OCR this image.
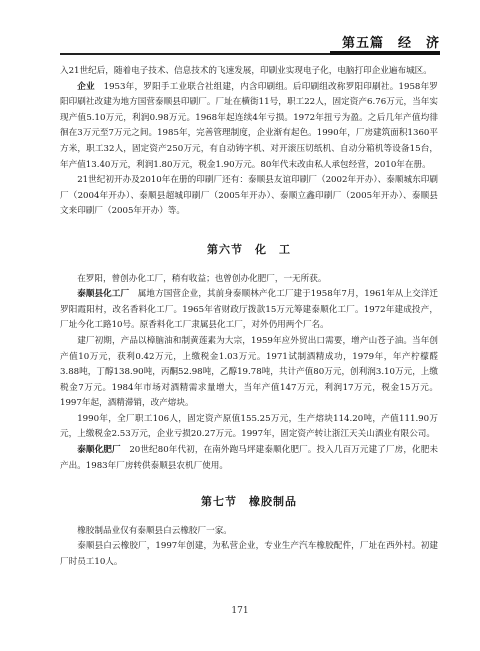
第五篇　经　济

入21世纪后，随着电子技术、信息技术的飞速发展，印刷业实现电子化，电脑打印企业遍布城区。

企业　1953年，罗阳手工业联合社组建，内含印刷组。后印刷组改称罗阳印刷社。1958年罗阳印刷社改建为地方国营泰顺县印刷厂。厂址在横街11号，职工22人，固定资产6.76万元，当年实现产值5.10万元，利润0.98万元。1968年起连续4年亏损。1972年扭亏为盈。之后几年产值均徘徊在3万元至7万元之间。1985年，完善管理制度，企业渐有起色。1990年，厂房建筑面积1360平方米，职工32人，固定资产250万元，有自动铸字机、对开滚压切纸机、自动分箱机等设备15台，年产值13.40万元，利润1.80万元，税金1.90万元。80年代末改由私人承包经营，2010年在册。

21世纪初开办及2010年在册的印刷厂还有：泰顺县友谊印刷厂（2002年开办）、泰顺城东印刷厂（2004年开办）、泰顺县超城印刷厂（2005年开办）、泰顺立鑫印刷厂（2005年开办）、泰顺县文来印刷厂（2005年开办）等。

第六节　化　工

在罗阳，曾创办化工厂，稍有收益；也曾创办化肥厂，一无所获。

泰顺县化工厂　属地方国营企业，其前身泰顺林产化工厂建于1958年7月，1961年从上交洋迁罗阳霞阳村，改名香料化工厂。1965年省财政厅拨款15万元筹建泰顺化工厂。1972年建成投产，厂址今化工路10号。原香料化工厂隶属县化工厂，对外仍用两个厂名。

建厂初期，产品以樟脑油和制黄莲素为大宗，1959年应外贸出口需要，增产山苍子油。当年创产值10万元，获利0.42万元，上缴税金1.03万元。1971试制酒精成功，1979年，年产柠檬醛3.88吨，丁醇138.90吨，丙酮52.98吨，乙醇19.78吨，共计产值80万元，创利润3.10万元，上缴税金7万元。1984年市场对酒精需求量增大，当年产值147万元，利润17万元，税金15万元。1997年起，酒精滞销，改产熔块。

1990年，全厂职工106人，固定资产原值155.25万元，生产熔块114.20吨，产值111.90万元，上缴税金2.53万元，企业亏损20.27万元。1997年，固定资产转让浙江天关山酒业有限公司。

泰顺化肥厂　20世纪80年代初，在南外跑马坪建泰顺化肥厂。投入几百万元建了厂房，化肥未产出。1983年厂房转供泰顺县农机厂使用。

第七节　橡胶制品

橡胶制品业仅有泰顺县白云橡胶厂一家。

泰顺县白云橡胶厂，1997年创建，为私营企业，专业生产汽车橡胶配件，厂址在西外村。初建厂时员工10人。

171
